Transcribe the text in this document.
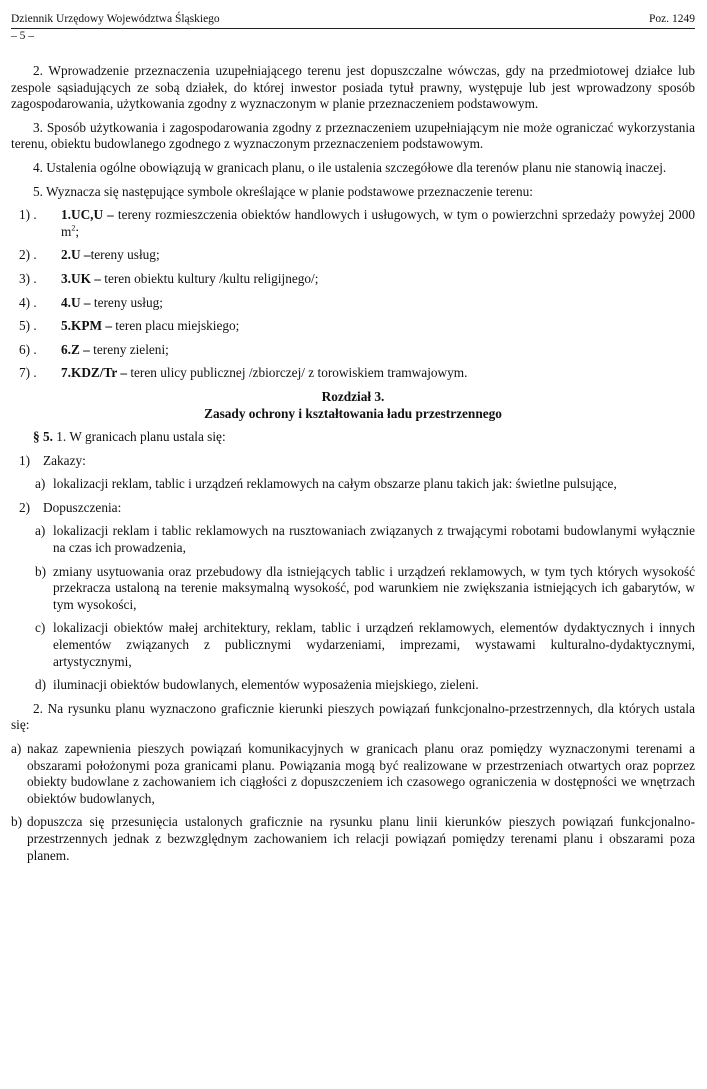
Dziennik Urzędowy Województwa Śląskiego	Poz. 1249
– 5 –

2. Wprowadzenie przeznaczenia uzupełniającego terenu jest dopuszczalne wówczas, gdy na przedmiotowej działce lub zespole sąsiadujących ze sobą działek, do której inwestor posiada tytuł prawny, występuje lub jest wprowadzony sposób zagospodarowania, użytkowania zgodny z wyznaczonym w planie przeznaczeniem podstawowym.

3. Sposób użytkowania i zagospodarowania zgodny z przeznaczeniem uzupełniającym nie może ograniczać wykorzystania terenu, obiektu budowlanego zgodnego z wyznaczonym przeznaczeniem podstawowym.

4. Ustalenia ogólne obowiązują w granicach planu, o ile ustalenia szczegółowe dla terenów planu nie stanowią inaczej.

5. Wyznacza się następujące symbole określające w planie podstawowe przeznaczenie terenu:

1) .	1.UC,U – tereny rozmieszczenia obiektów handlowych i usługowych, w tym o powierzchni sprzedaży powyżej 2000 $m^2$;
2) .	2.U –tereny usług;
3) .	3.UK – teren obiektu kultury /kultu religijnego/;
4) .	4.U – tereny usług;
5) .	5.KPM – teren placu miejskiego;
6) .	6.Z – tereny zieleni;
7) .	7.KDZ/Tr – teren ulicy publicznej /zbiorczej/ z torowiskiem tramwajowym.
Rozdział 3.
Zasady ochrony i kształtowania ładu przestrzennego

§ 5. 1. W granicach planu ustala się:

1) Zakazy:
a) lokalizacji reklam, tablic i urządzeń reklamowych na całym obszarze planu takich jak: świetlne pulsujące,
2) Dopuszczenia:
a) lokalizacji reklam i tablic reklamowych na rusztowaniach związanych z trwającymi robotami budowlanymi wyłącznie na czas ich prowadzenia,
b) zmiany usytuowania oraz przebudowy dla istniejących tablic i urządzeń reklamowych, w tym tych których wysokość przekracza ustaloną na terenie maksymalną wysokość, pod warunkiem nie zwiększania istniejących ich gabarytów, w tym wysokości,
c) lokalizacji obiektów małej architektury, reklam, tablic i urządzeń reklamowych, elementów dydaktycznych i innych elementów związanych z publicznymi wydarzeniami, imprezami, wystawami kulturalno-dydaktycznymi, artystycznymi,
d) iluminacji obiektów budowlanych, elementów wyposażenia miejskiego, zieleni.

2. Na rysunku planu wyznaczono graficznie kierunki pieszych powiązań funkcjonalno-przestrzennych, dla których ustala się:

a) nakaz zapewnienia pieszych powiązań komunikacyjnych w granicach planu oraz pomiędzy wyznaczonymi terenami a obszarami położonymi poza granicami planu. Powiązania mogą być realizowane w przestrzeniach otwartych oraz poprzez obiekty budowlane z zachowaniem ich ciągłości z dopuszczeniem ich czasowego ograniczenia w dostępności we wnętrzach obiektów budowlanych,
b) dopuszcza się przesunięcia ustalonych graficznie na rysunku planu linii kierunków pieszych powiązań funkcjonalno-przestrzennych jednak z bezwzględnym zachowaniem ich relacji powiązań pomiędzy terenami planu i obszarami poza planem.
